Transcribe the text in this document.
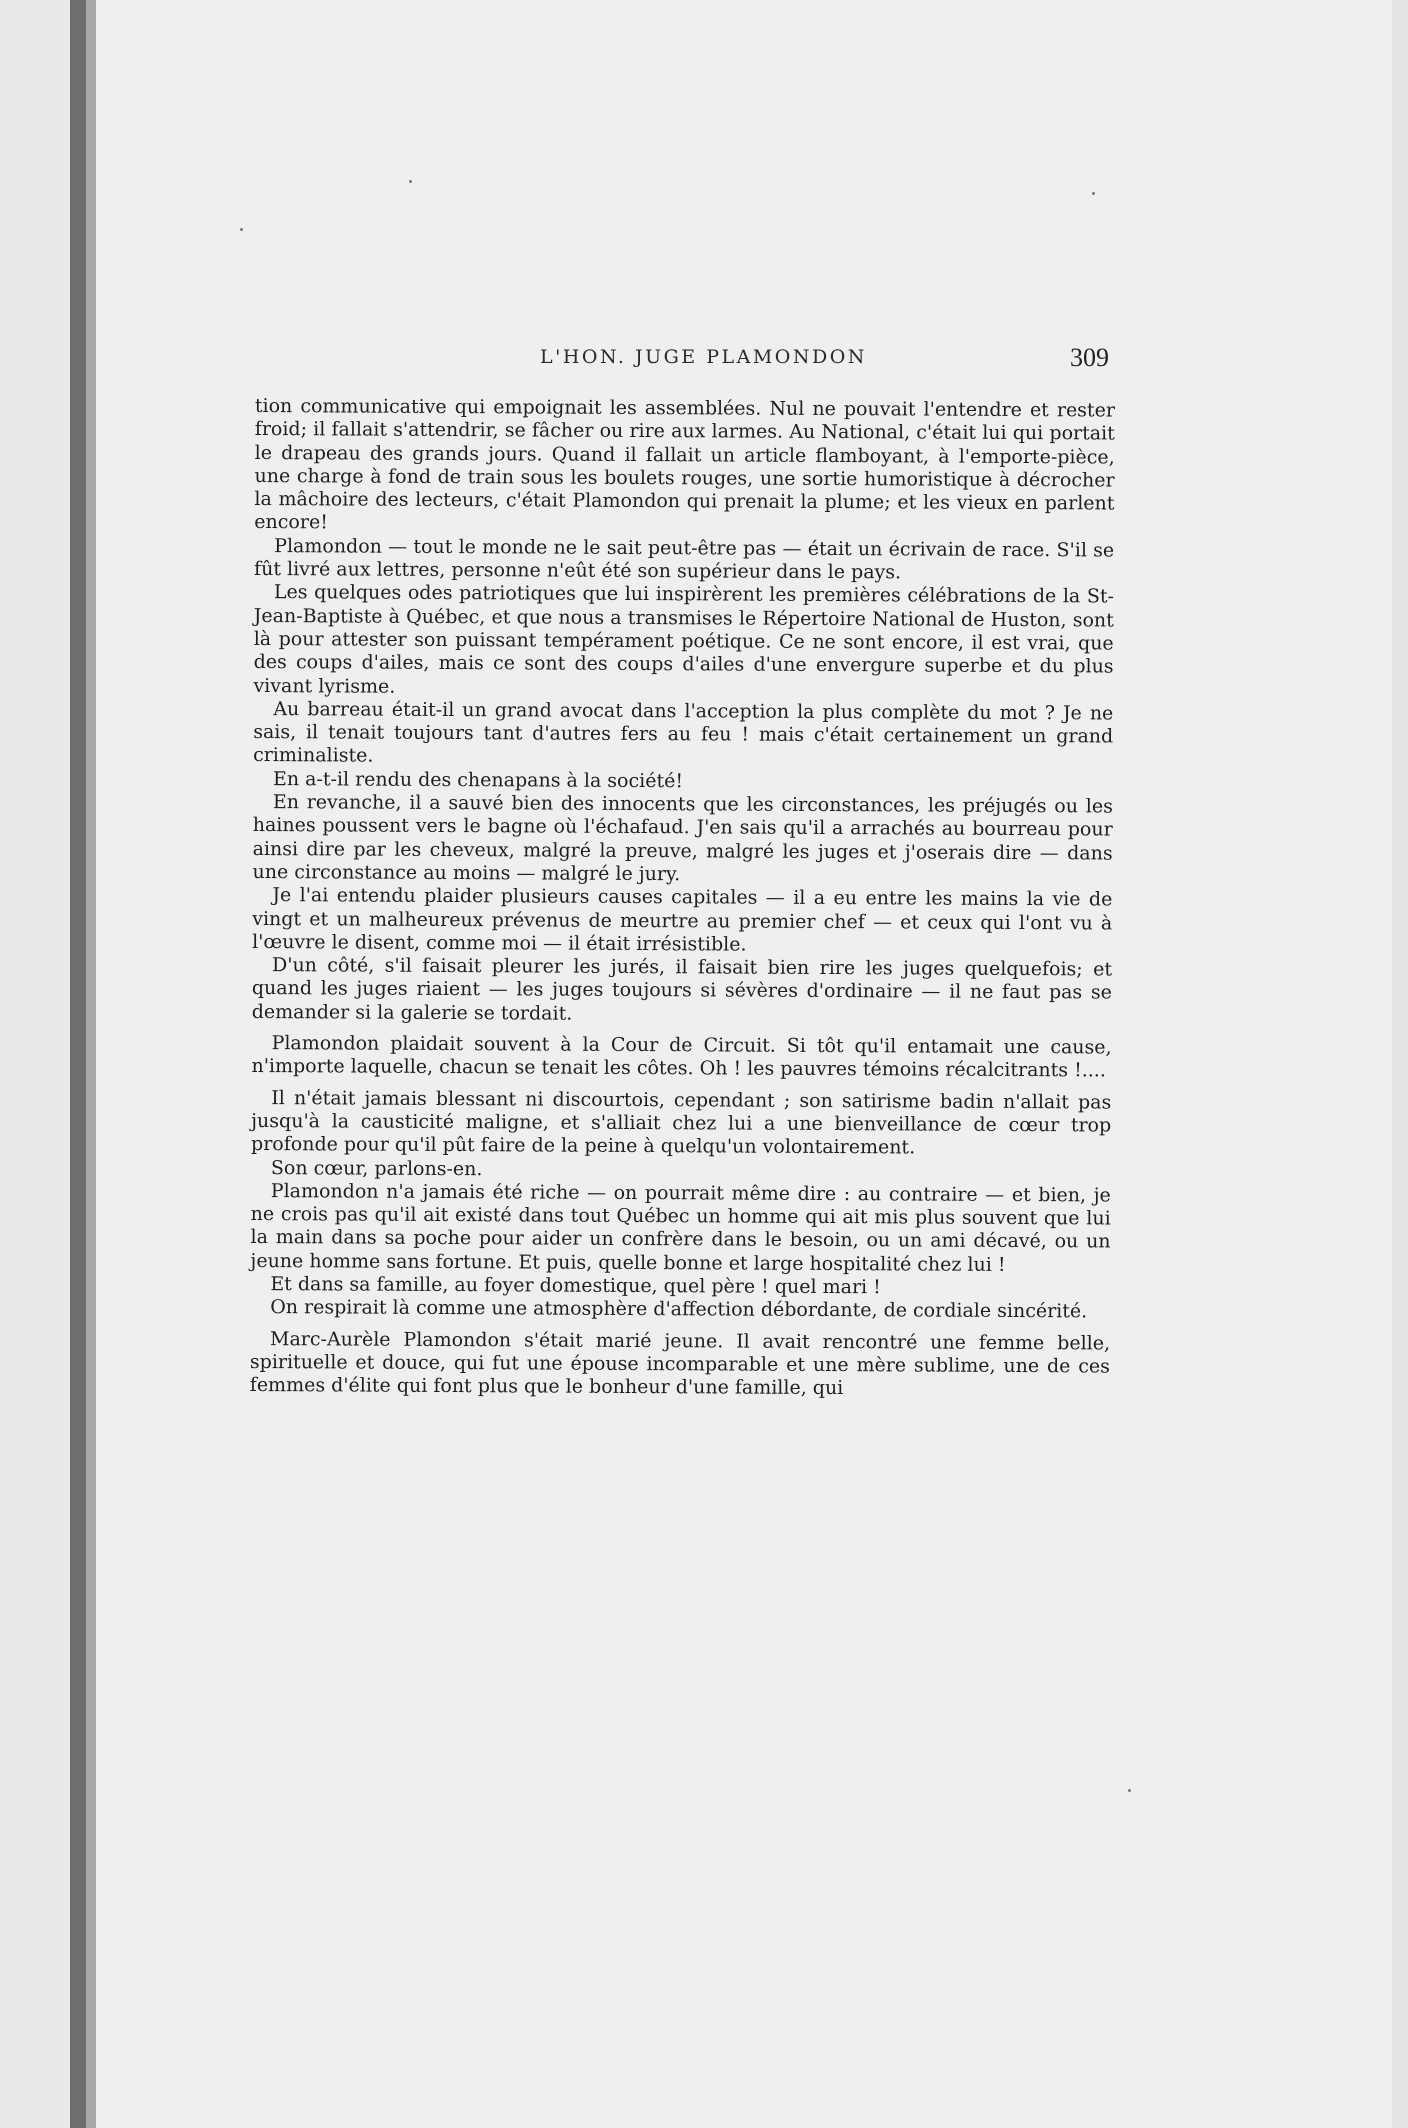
L'HON. JUGE PLAMONDON	309

tion communicative qui empoignait les assemblées. Nul ne pouvait l'entendre et rester froid; il fallait s'attendrir, se fâcher ou rire aux larmes. Au National, c'était lui qui portait le drapeau des grands jours. Quand il fallait un article flamboyant, à l'emporte-pièce, une charge à fond de train sous les boulets rouges, une sortie humoristique à décrocher la mâchoire des lecteurs, c'était Plamondon qui prenait la plume; et les vieux en parlent encore!

Plamondon — tout le monde ne le sait peut-être pas — était un écrivain de race. S'il se fût livré aux lettres, personne n'eût été son supérieur dans le pays.

Les quelques odes patriotiques que lui inspirèrent les premières célébrations de la St-Jean-Baptiste à Québec, et que nous a transmises le Répertoire National de Huston, sont là pour attester son puissant tempérament poétique. Ce ne sont encore, il est vrai, que des coups d'ailes, mais ce sont des coups d'ailes d'une envergure superbe et du plus vivant lyrisme.

Au barreau était-il un grand avocat dans l'acception la plus complète du mot ? Je ne sais, il tenait toujours tant d'autres fers au feu ! mais c'était certainement un grand criminaliste.

En a-t-il rendu des chenapans à la société!

En revanche, il a sauvé bien des innocents que les circonstances, les préjugés ou les haines poussent vers le bagne où l'échafaud. J'en sais qu'il a arrachés au bourreau pour ainsi dire par les cheveux, malgré la preuve, malgré les juges et j'oserais dire — dans une circonstance au moins — malgré le jury.

Je l'ai entendu plaider plusieurs causes capitales — il a eu entre les mains la vie de vingt et un malheureux prévenus de meurtre au premier chef — et ceux qui l'ont vu à l'œuvre le disent, comme moi — il était irrésistible.

D'un côté, s'il faisait pleurer les jurés, il faisait bien rire les juges quelquefois; et quand les juges riaient — les juges toujours si sévères d'ordinaire — il ne faut pas se demander si la galerie se tordait.

Plamondon plaidait souvent à la Cour de Circuit. Si tôt qu'il entamait une cause, n'importe laquelle, chacun se tenait les côtes. Oh ! les pauvres témoins récalcitrants !....

Il n'était jamais blessant ni discourtois, cependant ; son satirisme badin n'allait pas jusqu'à la causticité maligne, et s'alliait chez lui a une bienveillance de cœur trop profonde pour qu'il pût faire de la peine à quelqu'un volontairement.

Son cœur, parlons-en.

Plamondon n'a jamais été riche — on pourrait même dire : au contraire — et bien, je ne crois pas qu'il ait existé dans tout Québec un homme qui ait mis plus souvent que lui la main dans sa poche pour aider un confrère dans le besoin, ou un ami décavé, ou un jeune homme sans fortune. Et puis, quelle bonne et large hospitalité chez lui !

Et dans sa famille, au foyer domestique, quel père ! quel mari !

On respirait là comme une atmosphère d'affection débordante, de cordiale sincérité.

Marc-Aurèle Plamondon s'était marié jeune. Il avait rencontré une femme belle, spirituelle et douce, qui fut une épouse incomparable et une mère sublime, une de ces femmes d'élite qui font plus que le bonheur d'une famille, qui
